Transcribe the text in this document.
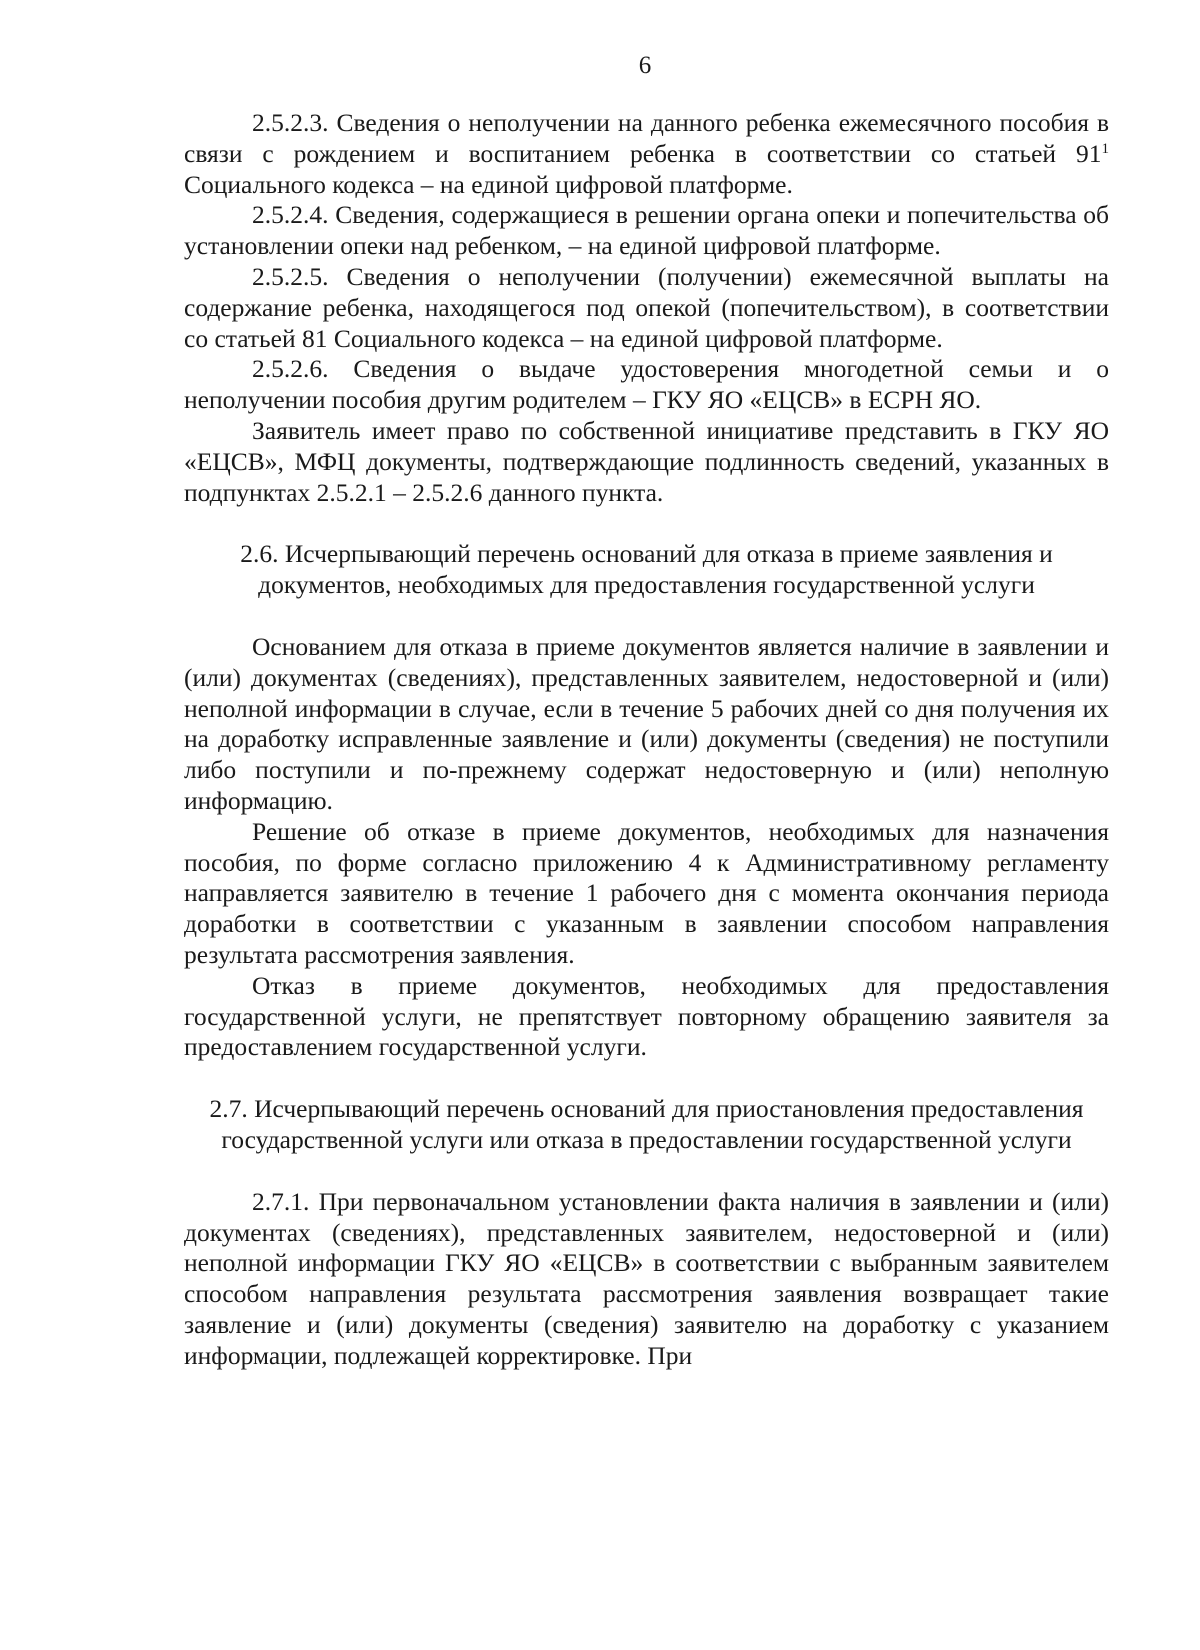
6

2.5.2.3. Сведения о неполучении на данного ребенка ежемесячного пособия в связи с рождением и воспитанием ребенка в соответствии со статьей $91^1$ Социального кодекса – на единой цифровой платформе.

2.5.2.4. Сведения, содержащиеся в решении органа опеки и попечительства об установлении опеки над ребенком, – на единой цифровой платформе.

2.5.2.5. Сведения о неполучении (получении) ежемесячной выплаты на содержание ребенка, находящегося под опекой (попечительством), в соответствии со статьей 81 Социального кодекса – на единой цифровой платформе.

2.5.2.6. Сведения о выдаче удостоверения многодетной семьи и о неполучении пособия другим родителем – ГКУ ЯО «ЕЦСВ» в ЕСРН ЯО.

Заявитель имеет право по собственной инициативе представить в ГКУ ЯО «ЕЦСВ», МФЦ документы, подтверждающие подлинность сведений, указанных в подпунктах 2.5.2.1 – 2.5.2.6 данного пункта.

2.6. Исчерпывающий перечень оснований для отказа в приеме заявления и документов, необходимых для предоставления государственной услуги

Основанием для отказа в приеме документов является наличие в заявлении и (или) документах (сведениях), представленных заявителем, недостоверной и (или) неполной информации в случае, если в течение 5 рабочих дней со дня получения их на доработку исправленные заявление и (или) документы (сведения) не поступили либо поступили и по-прежнему содержат недостоверную и (или) неполную информацию.

Решение об отказе в приеме документов, необходимых для назначения пособия, по форме согласно приложению 4 к Административному регламенту направляется заявителю в течение 1 рабочего дня с момента окончания периода доработки в соответствии с указанным в заявлении способом направления результата рассмотрения заявления.

Отказ в приеме документов, необходимых для предоставления государственной услуги, не препятствует повторному обращению заявителя за предоставлением государственной услуги.

2.7. Исчерпывающий перечень оснований для приостановления предоставления государственной услуги или отказа в предоставлении государственной услуги

2.7.1. При первоначальном установлении факта наличия в заявлении и (или) документах (сведениях), представленных заявителем, недостоверной и (или) неполной информации ГКУ ЯО «ЕЦСВ» в соответствии с выбранным заявителем способом направления результата рассмотрения заявления возвращает такие заявление и (или) документы (сведения) заявителю на доработку с указанием информации, подлежащей корректировке. При
